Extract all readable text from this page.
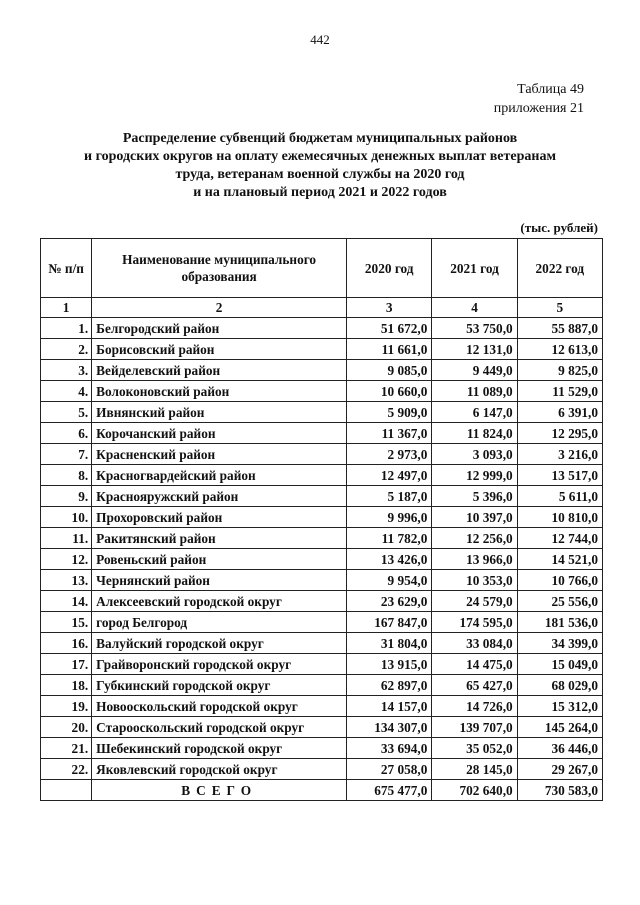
442
Таблица 49
приложения 21
Распределение субвенций бюджетам муниципальных районов
и городских округов на оплату ежемесячных денежных выплат ветеранам
труда, ветеранам военной службы на 2020 год
и на плановый период 2021 и 2022 годов
(тыс. рублей)
№ п/п	Наименование муниципального образования	2020 год	2021 год	2022 год
1	2	3	4	5
1.	Белгородский район	51 672,0	53 750,0	55 887,0
2.	Борисовский район	11 661,0	12 131,0	12 613,0
3.	Вейделевский район	9 085,0	9 449,0	9 825,0
4.	Волоконовский район	10 660,0	11 089,0	11 529,0
5.	Ивнянский район	5 909,0	6 147,0	6 391,0
6.	Корочанский район	11 367,0	11 824,0	12 295,0
7.	Красненский район	2 973,0	3 093,0	3 216,0
8.	Красногвардейский район	12 497,0	12 999,0	13 517,0
9.	Краснояружский район	5 187,0	5 396,0	5 611,0
10.	Прохоровский район	9 996,0	10 397,0	10 810,0
11.	Ракитянский район	11 782,0	12 256,0	12 744,0
12.	Ровеньский район	13 426,0	13 966,0	14 521,0
13.	Чернянский район	9 954,0	10 353,0	10 766,0
14.	Алексеевский городской округ	23 629,0	24 579,0	25 556,0
15.	город Белгород	167 847,0	174 595,0	181 536,0
16.	Валуйский городской округ	31 804,0	33 084,0	34 399,0
17.	Грайворонский городской округ	13 915,0	14 475,0	15 049,0
18.	Губкинский городской округ	62 897,0	65 427,0	68 029,0
19.	Новооскольский городской округ	14 157,0	14 726,0	15 312,0
20.	Старооскольский городской округ	134 307,0	139 707,0	145 264,0
21.	Шебекинский городской округ	33 694,0	35 052,0	36 446,0
22.	Яковлевский городской округ	27 058,0	28 145,0	29 267,0
	ВСЕГО	675 477,0	702 640,0	730 583,0
